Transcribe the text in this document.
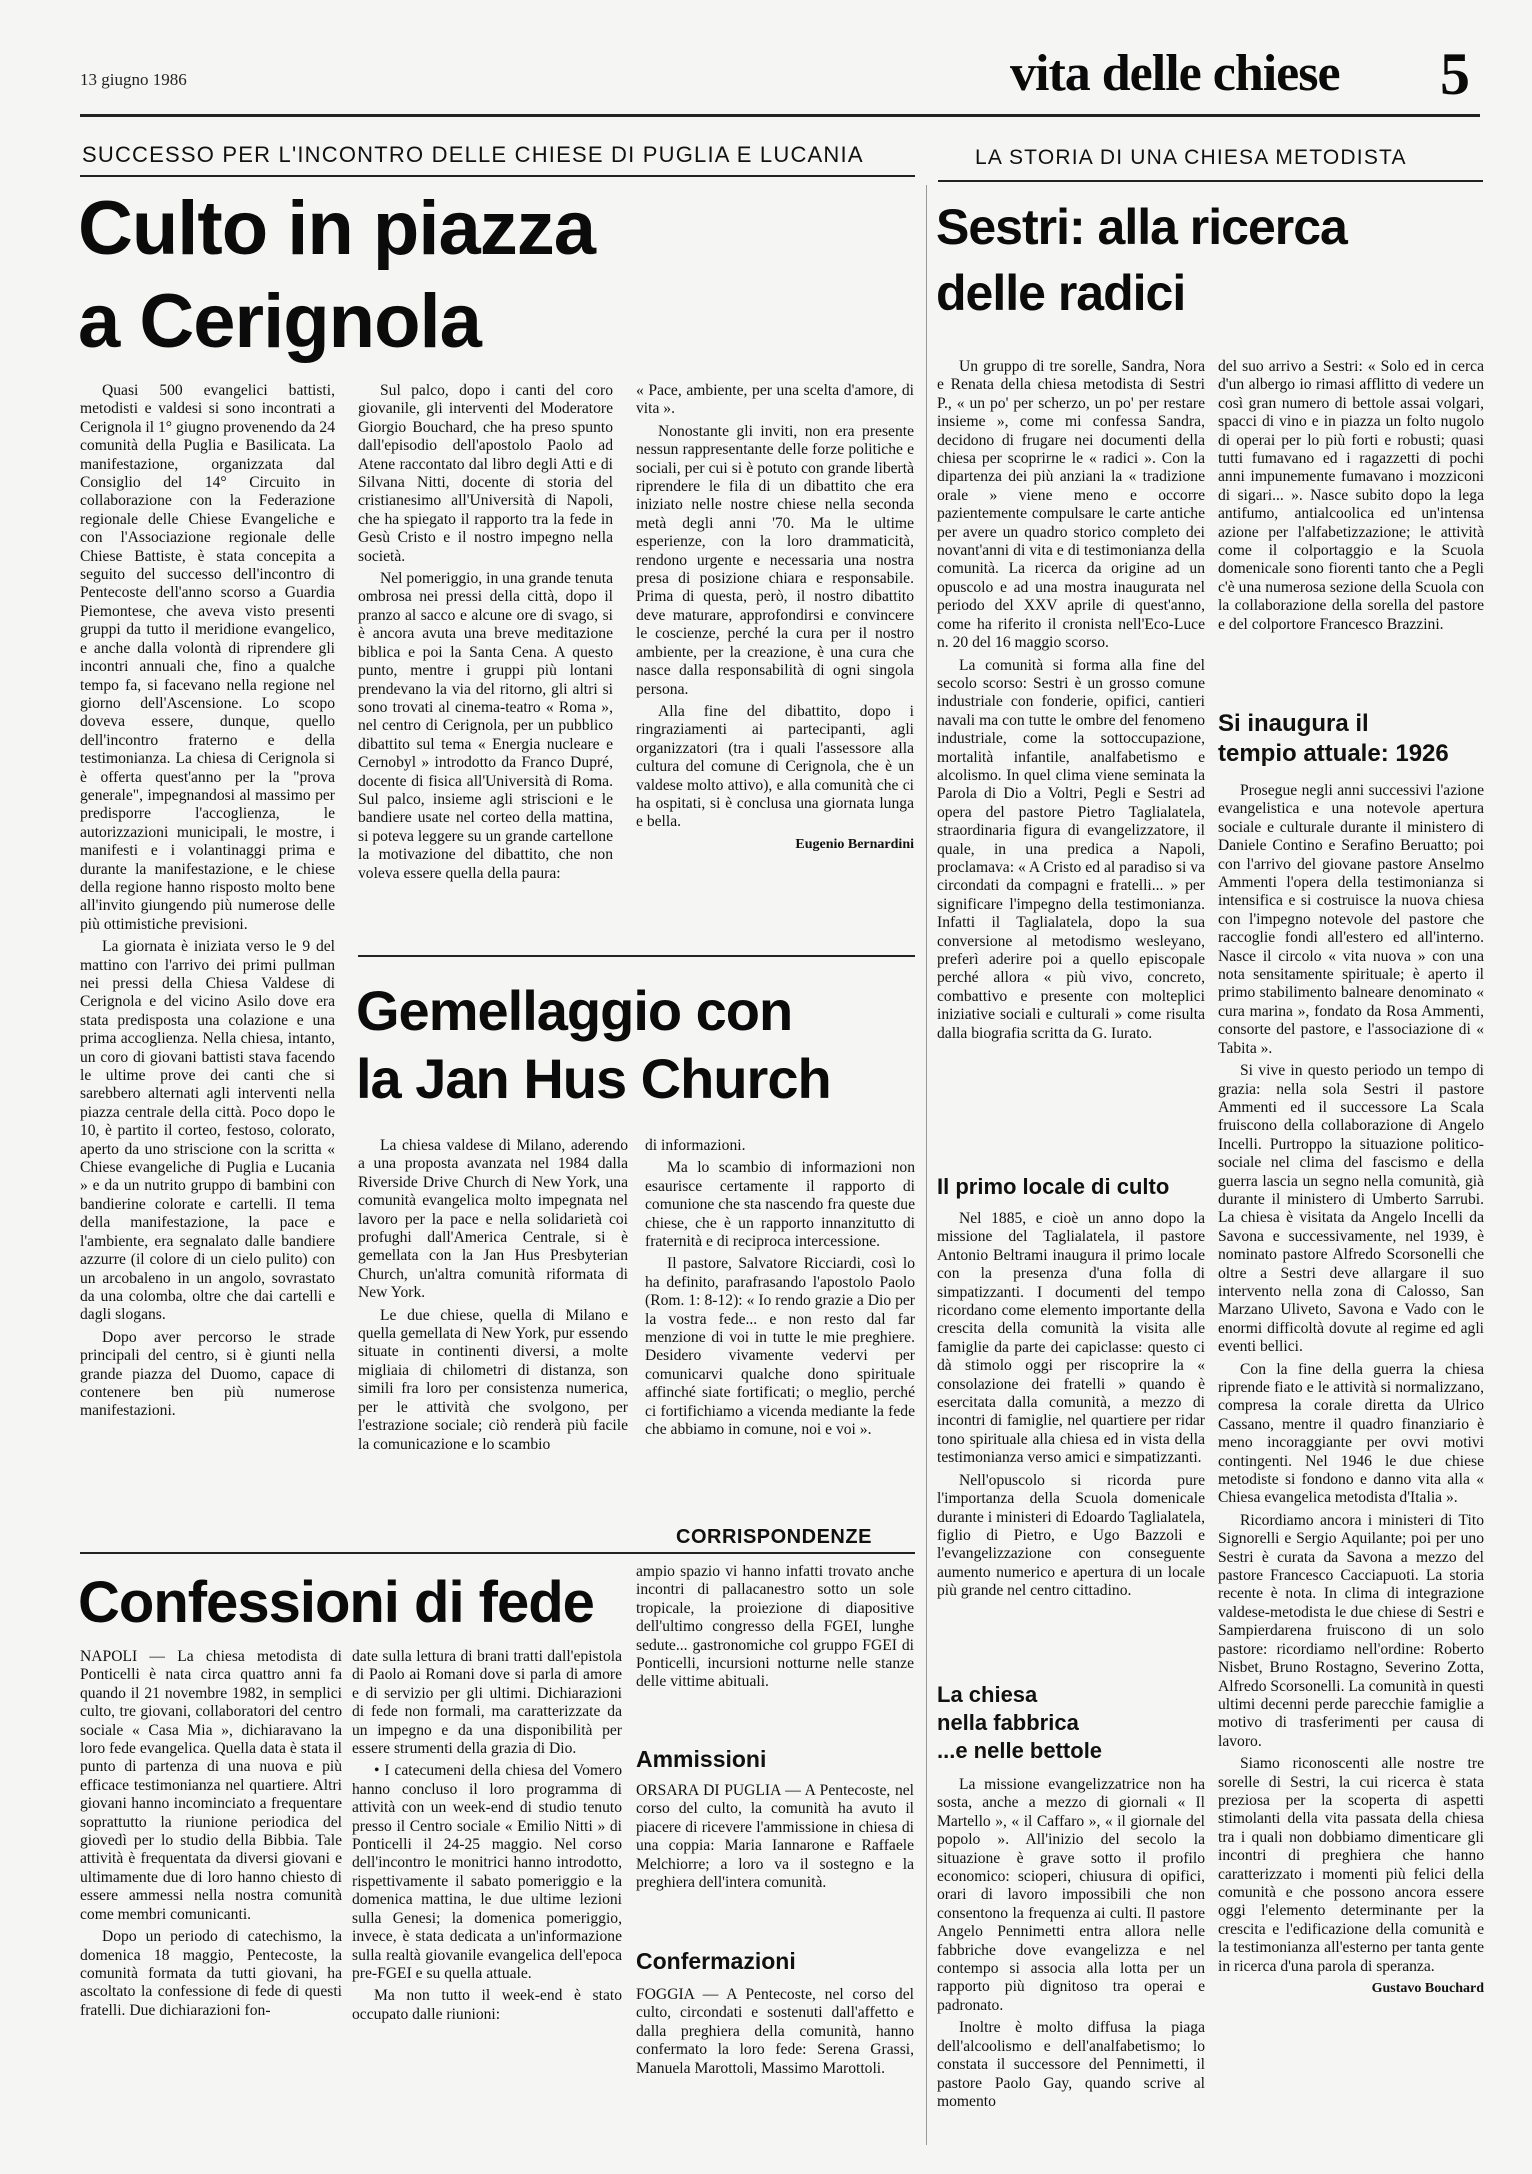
13 giugno 1986	vita delle chiese 5
SUCCESSO PER L'INCONTRO DELLE CHIESE DI PUGLIA E LUCANIA	LA STORIA DI UNA CHIESA METODISTA
Culto in piazza
a Cerignola

Quasi 500 evangelici battisti, metodisti e valdesi si sono incontrati a Cerignola il 1° giugno provenendo da 24 comunità della Puglia e Basilicata. La manifestazione, organizzata dal Consiglio del 14° Circuito in collaborazione con la Federazione regionale delle Chiese Evangeliche e con l'Associazione regionale delle Chiese Battiste, è stata concepita a seguito del successo dell'incontro di Pentecoste dell'anno scorso a Guardia Piemontese, che aveva visto presenti gruppi da tutto il meridione evangelico, e anche dalla volontà di riprendere gli incontri annuali che, fino a qualche tempo fa, si facevano nella regione nel giorno dell'Ascensione. Lo scopo doveva essere, dunque, quello dell'incontro fraterno e della testimonianza. La chiesa di Cerignola si è offerta quest'anno per la "prova generale", impegnandosi al massimo per predisporre l'accoglienza, le autorizzazioni municipali, le mostre, i manifesti e i volantinaggi prima e durante la manifestazione, e le chiese della regione hanno risposto molto bene all'invito giungendo più numerose delle più ottimistiche previsioni.

La giornata è iniziata verso le 9 del mattino con l'arrivo dei primi pullman nei pressi della Chiesa Valdese di Cerignola e del vicino Asilo dove era stata predisposta una colazione e una prima accoglienza. Nella chiesa, intanto, un coro di giovani battisti stava facendo le ultime prove dei canti che si sarebbero alternati agli interventi nella piazza centrale della città. Poco dopo le 10, è partito il corteo, festoso, colorato, aperto da uno striscione con la scritta « Chiese evangeliche di Puglia e Lucania » e da un nutrito gruppo di bambini con bandierine colorate e cartelli. Il tema della manifestazione, la pace e l'ambiente, era segnalato dalle bandiere azzurre (il colore di un cielo pulito) con un arcobaleno in un angolo, sovrastato da una colomba, oltre che dai cartelli e dagli slogans.

Dopo aver percorso le strade principali del centro, si è giunti nella grande piazza del Duomo, capace di contenere ben più numerose manifestazioni.

Sul palco, dopo i canti del coro giovanile, gli interventi del Moderatore Giorgio Bouchard, che ha preso spunto dall'episodio dell'apostolo Paolo ad Atene raccontato dal libro degli Atti e di Silvana Nitti, docente di storia del cristianesimo all'Università di Napoli, che ha spiegato il rapporto tra la fede in Gesù Cristo e il nostro impegno nella società.

Nel pomeriggio, in una grande tenuta ombrosa nei pressi della città, dopo il pranzo al sacco e alcune ore di svago, si è ancora avuta una breve meditazione biblica e poi la Santa Cena. A questo punto, mentre i gruppi più lontani prendevano la via del ritorno, gli altri si sono trovati al cinema-teatro « Roma », nel centro di Cerignola, per un pubblico dibattito sul tema « Energia nucleare e Cernobyl » introdotto da Franco Dupré, docente di fisica all'Università di Roma. Sul palco, insieme agli striscioni e le bandiere usate nel corteo della mattina, si poteva leggere su un grande cartellone la motivazione del dibattito, che non voleva essere quella della paura:

« Pace, ambiente, per una scelta d'amore, di vita ».

Nonostante gli inviti, non era presente nessun rappresentante delle forze politiche e sociali, per cui si è potuto con grande libertà riprendere le fila di un dibattito che era iniziato nelle nostre chiese nella seconda metà degli anni '70. Ma le ultime esperienze, con la loro drammaticità, rendono urgente e necessaria una nostra presa di posizione chiara e responsabile. Prima di questa, però, il nostro dibattito deve maturare, approfondirsi e convincere le coscienze, perché la cura per il nostro ambiente, per la creazione, è una cura che nasce dalla responsabilità di ogni singola persona.

Alla fine del dibattito, dopo i ringraziamenti ai partecipanti, agli organizzatori (tra i quali l'assessore alla cultura del comune di Cerignola, che è un valdese molto attivo), e alla comunità che ci ha ospitati, si è conclusa una giornata lunga e bella.

Eugenio Bernardini

Gemellaggio con
la Jan Hus Church

La chiesa valdese di Milano, aderendo a una proposta avanzata nel 1984 dalla Riverside Drive Church di New York, una comunità evangelica molto impegnata nel lavoro per la pace e nella solidarietà coi profughi dall'America Centrale, si è gemellata con la Jan Hus Presbyterian Church, un'altra comunità riformata di New York.

Le due chiese, quella di Milano e quella gemellata di New York, pur essendo situate in continenti diversi, a molte migliaia di chilometri di distanza, son simili fra loro per consistenza numerica, per le attività che svolgono, per l'estrazione sociale; ciò renderà più facile la comunicazione e lo scambio

di informazioni.

Ma lo scambio di informazioni non esaurisce certamente il rapporto di comunione che sta nascendo fra queste due chiese, che è un rapporto innanzitutto di fraternità e di reciproca intercessione.

Il pastore, Salvatore Ricciardi, così lo ha definito, parafrasando l'apostolo Paolo (Rom. 1: 8-12): « Io rendo grazie a Dio per la vostra fede... e non resto dal far menzione di voi in tutte le mie preghiere. Desidero vivamente vedervi per comunicarvi qualche dono spirituale affinché siate fortificati; o meglio, perché ci fortifichiamo a vicenda mediante la fede che abbiamo in comune, noi e voi ».

CORRISPONDENZE
Confessioni di fede

NAPOLI — La chiesa metodista di Ponticelli è nata circa quattro anni fa quando il 21 novembre 1982, in semplici culto, tre giovani, collaboratori del centro sociale « Casa Mia », dichiaravano la loro fede evangelica. Quella data è stata il punto di partenza di una nuova e più efficace testimonianza nel quartiere. Altri giovani hanno incominciato a frequentare soprattutto la riunione periodica del giovedì per lo studio della Bibbia. Tale attività è frequentata da diversi giovani e ultimamente due di loro hanno chiesto di essere ammessi nella nostra comunità come membri comunicanti.

Dopo un periodo di catechismo, la domenica 18 maggio, Pentecoste, la comunità formata da tutti giovani, ha ascoltato la confessione di fede di questi fratelli. Due dichiarazioni fon-

date sulla lettura di brani tratti dall'epistola di Paolo ai Romani dove si parla di amore e di servizio per gli ultimi. Dichiarazioni di fede non formali, ma caratterizzate da un impegno e da una disponibilità per essere strumenti della grazia di Dio.

• I catecumeni della chiesa del Vomero hanno concluso il loro programma di attività con un week-end di studio tenuto presso il Centro sociale « Emilio Nitti » di Ponticelli il 24-25 maggio. Nel corso dell'incontro le monitrici hanno introdotto, rispettivamente il sabato pomeriggio e la domenica mattina, le due ultime lezioni sulla Genesi; la domenica pomeriggio, invece, è stata dedicata a un'informazione sulla realtà giovanile evangelica dell'epoca pre-FGEI e su quella attuale.

Ma non tutto il week-end è stato occupato dalle riunioni:

ampio spazio vi hanno infatti trovato anche incontri di pallacanestro sotto un sole tropicale, la proiezione di diapositive dell'ultimo congresso della FGEI, lunghe sedute... gastronomiche col gruppo FGEI di Ponticelli, incursioni notturne nelle stanze delle vittime abituali.

Ammissioni

ORSARA DI PUGLIA — A Pentecoste, nel corso del culto, la comunità ha avuto il piacere di ricevere l'ammissione in chiesa di una coppia: Maria Iannarone e Raffaele Melchiorre; a loro va il sostegno e la preghiera dell'intera comunità.

Confermazioni

FOGGIA — A Pentecoste, nel corso del culto, circondati e sostenuti dall'affetto e dalla preghiera della comunità, hanno confermato la loro fede: Serena Grassi, Manuela Marottoli, Massimo Marottoli.

Sestri: alla ricerca
delle radici

Un gruppo di tre sorelle, Sandra, Nora e Renata della chiesa metodista di Sestri P., « un po' per scherzo, un po' per restare insieme », come mi confessa Sandra, decidono di frugare nei documenti della chiesa per scoprirne le « radici ». Con la dipartenza dei più anziani la « tradizione orale » viene meno e occorre pazientemente compulsare le carte antiche per avere un quadro storico completo dei novant'anni di vita e di testimonianza della comunità. La ricerca da origine ad un opuscolo e ad una mostra inaugurata nel periodo del XXV aprile di quest'anno, come ha riferito il cronista nell'Eco-Luce n. 20 del 16 maggio scorso.

La comunità si forma alla fine del secolo scorso: Sestri è un grosso comune industriale con fonderie, opifici, cantieri navali ma con tutte le ombre del fenomeno industriale, come la sottoccupazione, mortalità infantile, analfabetismo e alcolismo. In quel clima viene seminata la Parola di Dio a Voltri, Pegli e Sestri ad opera del pastore Pietro Taglialatela, straordinaria figura di evangelizzatore, il quale, in una predica a Napoli, proclamava: « A Cristo ed al paradiso si va circondati da compagni e fratelli... » per significare l'impegno della testimonianza. Infatti il Taglialatela, dopo la sua conversione al metodismo wesleyano, preferì aderire poi a quello episcopale perché allora « più vivo, concreto, combattivo e presente con molteplici iniziative sociali e culturali » come risulta dalla biografia scritta da G. Iurato.

Il primo locale di culto

Nel 1885, e cioè un anno dopo la missione del Taglialatela, il pastore Antonio Beltrami inaugura il primo locale con la presenza d'una folla di simpatizzanti. I documenti del tempo ricordano come elemento importante della crescita della comunità la visita alle famiglie da parte dei capiclasse: questo ci dà stimolo oggi per riscoprire la « consolazione dei fratelli » quando è esercitata dalla comunità, a mezzo di incontri di famiglie, nel quartiere per ridar tono spirituale alla chiesa ed in vista della testimonianza verso amici e simpatizzanti.

Nell'opuscolo si ricorda pure l'importanza della Scuola domenicale durante i ministeri di Edoardo Taglialatela, figlio di Pietro, e Ugo Bazzoli e l'evangelizzazione con conseguente aumento numerico e apertura di un locale più grande nel centro cittadino.

La chiesa
nella fabbrica
...e nelle bettole

La missione evangelizzatrice non ha sosta, anche a mezzo di giornali « Il Martello », « il Caffaro », « il giornale del popolo ». All'inizio del secolo la situazione è grave sotto il profilo economico: scioperi, chiusura di opifici, orari di lavoro impossibili che non consentono la frequenza ai culti. Il pastore Angelo Pennimetti entra allora nelle fabbriche dove evangelizza e nel contempo si associa alla lotta per un rapporto più dignitoso tra operai e padronato.

Inoltre è molto diffusa la piaga dell'alcoolismo e dell'analfabetismo; lo constata il successore del Pennimetti, il pastore Paolo Gay, quando scrive al momento

del suo arrivo a Sestri: « Solo ed in cerca d'un albergo io rimasi afflitto di vedere un così gran numero di bettole assai volgari, spacci di vino e in piazza un folto nugolo di operai per lo più forti e robusti; quasi tutti fumavano ed i ragazzetti di pochi anni impunemente fumavano i mozziconi di sigari... ». Nasce subito dopo la lega antifumo, antialcoolica ed un'intensa azione per l'alfabetizzazione; le attività come il colportaggio e la Scuola domenicale sono fiorenti tanto che a Pegli c'è una numerosa sezione della Scuola con la collaborazione della sorella del pastore e del colportore Francesco Brazzini.

Si inaugura il
tempio attuale: 1926

Prosegue negli anni successivi l'azione evangelistica e una notevole apertura sociale e culturale durante il ministero di Daniele Contino e Serafino Beruatto; poi con l'arrivo del giovane pastore Anselmo Ammenti l'opera della testimonianza si intensifica e si costruisce la nuova chiesa con l'impegno notevole del pastore che raccoglie fondi all'estero ed all'interno. Nasce il circolo « vita nuova » con una nota sensitamente spirituale; è aperto il primo stabilimento balneare denominato « cura marina », fondato da Rosa Ammenti, consorte del pastore, e l'associazione di « Tabita ».

Si vive in questo periodo un tempo di grazia: nella sola Sestri il pastore Ammenti ed il successore La Scala fruiscono della collaborazione di Angelo Incelli. Purtroppo la situazione politico-sociale nel clima del fascismo e della guerra lascia un segno nella comunità, già durante il ministero di Umberto Sarrubi. La chiesa è visitata da Angelo Incelli da Savona e successivamente, nel 1939, è nominato pastore Alfredo Scorsonelli che oltre a Sestri deve allargare il suo intervento nella zona di Calosso, San Marzano Uliveto, Savona e Vado con le enormi difficoltà dovute al regime ed agli eventi bellici.

Con la fine della guerra la chiesa riprende fiato e le attività si normalizzano, compresa la corale diretta da Ulrico Cassano, mentre il quadro finanziario è meno incoraggiante per ovvi motivi contingenti. Nel 1946 le due chiese metodiste si fondono e danno vita alla « Chiesa evangelica metodista d'Italia ».

Ricordiamo ancora i ministeri di Tito Signorelli e Sergio Aquilante; poi per uno Sestri è curata da Savona a mezzo del pastore Francesco Cacciapuoti. La storia recente è nota. In clima di integrazione valdese-metodista le due chiese di Sestri e Sampierdarena fruiscono di un solo pastore: ricordiamo nell'ordine: Roberto Nisbet, Bruno Rostagno, Severino Zotta, Alfredo Scorsonelli. La comunità in questi ultimi decenni perde parecchie famiglie a motivo di trasferimenti per causa di lavoro.

Siamo riconoscenti alle nostre tre sorelle di Sestri, la cui ricerca è stata preziosa per la scoperta di aspetti stimolanti della vita passata della chiesa tra i quali non dobbiamo dimenticare gli incontri di preghiera che hanno caratterizzato i momenti più felici della comunità e che possono ancora essere oggi l'elemento determinante per la crescita e l'edificazione della comunità e la testimonianza all'esterno per tanta gente in ricerca d'una parola di speranza.

Gustavo Bouchard
